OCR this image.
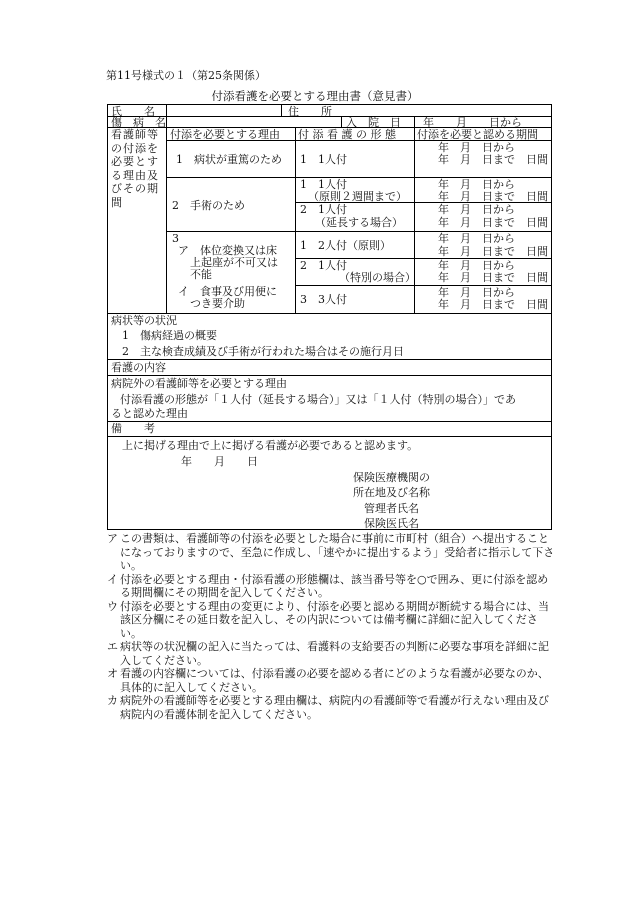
第11号様式の１（第25条関係）
付添看護を必要とする理由書（意見書）
氏　　名	住　　所
傷　病　名	入　院　日 年　　月　　日から
看護師等の付添を必要とする理由及びその期間
付添を必要とする理由 付 添 看 護 の 形 態 付添を必要と認める期間
1　病状が重篤のため
2　手術のため
3
ア　体位変換又は床
上起座が不可又は
不能
イ　食事及び用便に
つき要介助
1　1人付
1　1人付
（原則２週間まで）
2　1人付
（延長する場合）
1　2人付（原則）
2　1人付
（特別の場合）
3　3人付
年　月　日から
年　月　日まで　日間
年　月　日から
年　月　日まで　日間
年　月　日から
年　月　日まで　日間
年　月　日から
年　月　日まで　日間
年　月　日から
年　月　日まで　日間
年　月　日から
年　月　日まで　日間
病状等の状況
1　傷病経過の概要
2　主な検査成績及び手術が行われた場合はその施行月日
看護の内容
病院外の看護師等を必要とする理由
付添看護の形態が「１人付（延長する場合）」又は「１人付（特別の場合）」であ
ると認めた理由
備　　考
上に掲げる理由で上に掲げる看護が必要であると認めます。
年　　月　　日
保険医療機関の
所在地及び名称
管理者氏名
保険医氏名
ア この書類は、看護師等の付添を必要とした場合に事前に市町村（組合）へ提出することになっておりますので、至急に作成し、「速やかに提出するよう」受給者に指示して下さい。
イ 付添を必要とする理由・付添看護の形態欄は、該当番号等を○で囲み、更に付添を認める期間欄にその期間を記入してください。
ウ 付添を必要とする理由の変更により、付添を必要と認める期間が断続する場合には、当該区分欄にその延日数を記入し、その内訳については備考欄に詳細に記入してください。
エ 病状等の状況欄の記入に当たっては、看護料の支給要否の判断に必要な事項を詳細に記入してください。
オ 看護の内容欄については、付添看護の必要を認める者にどのような看護が必要なのか、具体的に記入してください。
カ 病院外の看護師等を必要とする理由欄は、病院内の看護師等で看護が行えない理由及び病院内の看護体制を記入してください。
